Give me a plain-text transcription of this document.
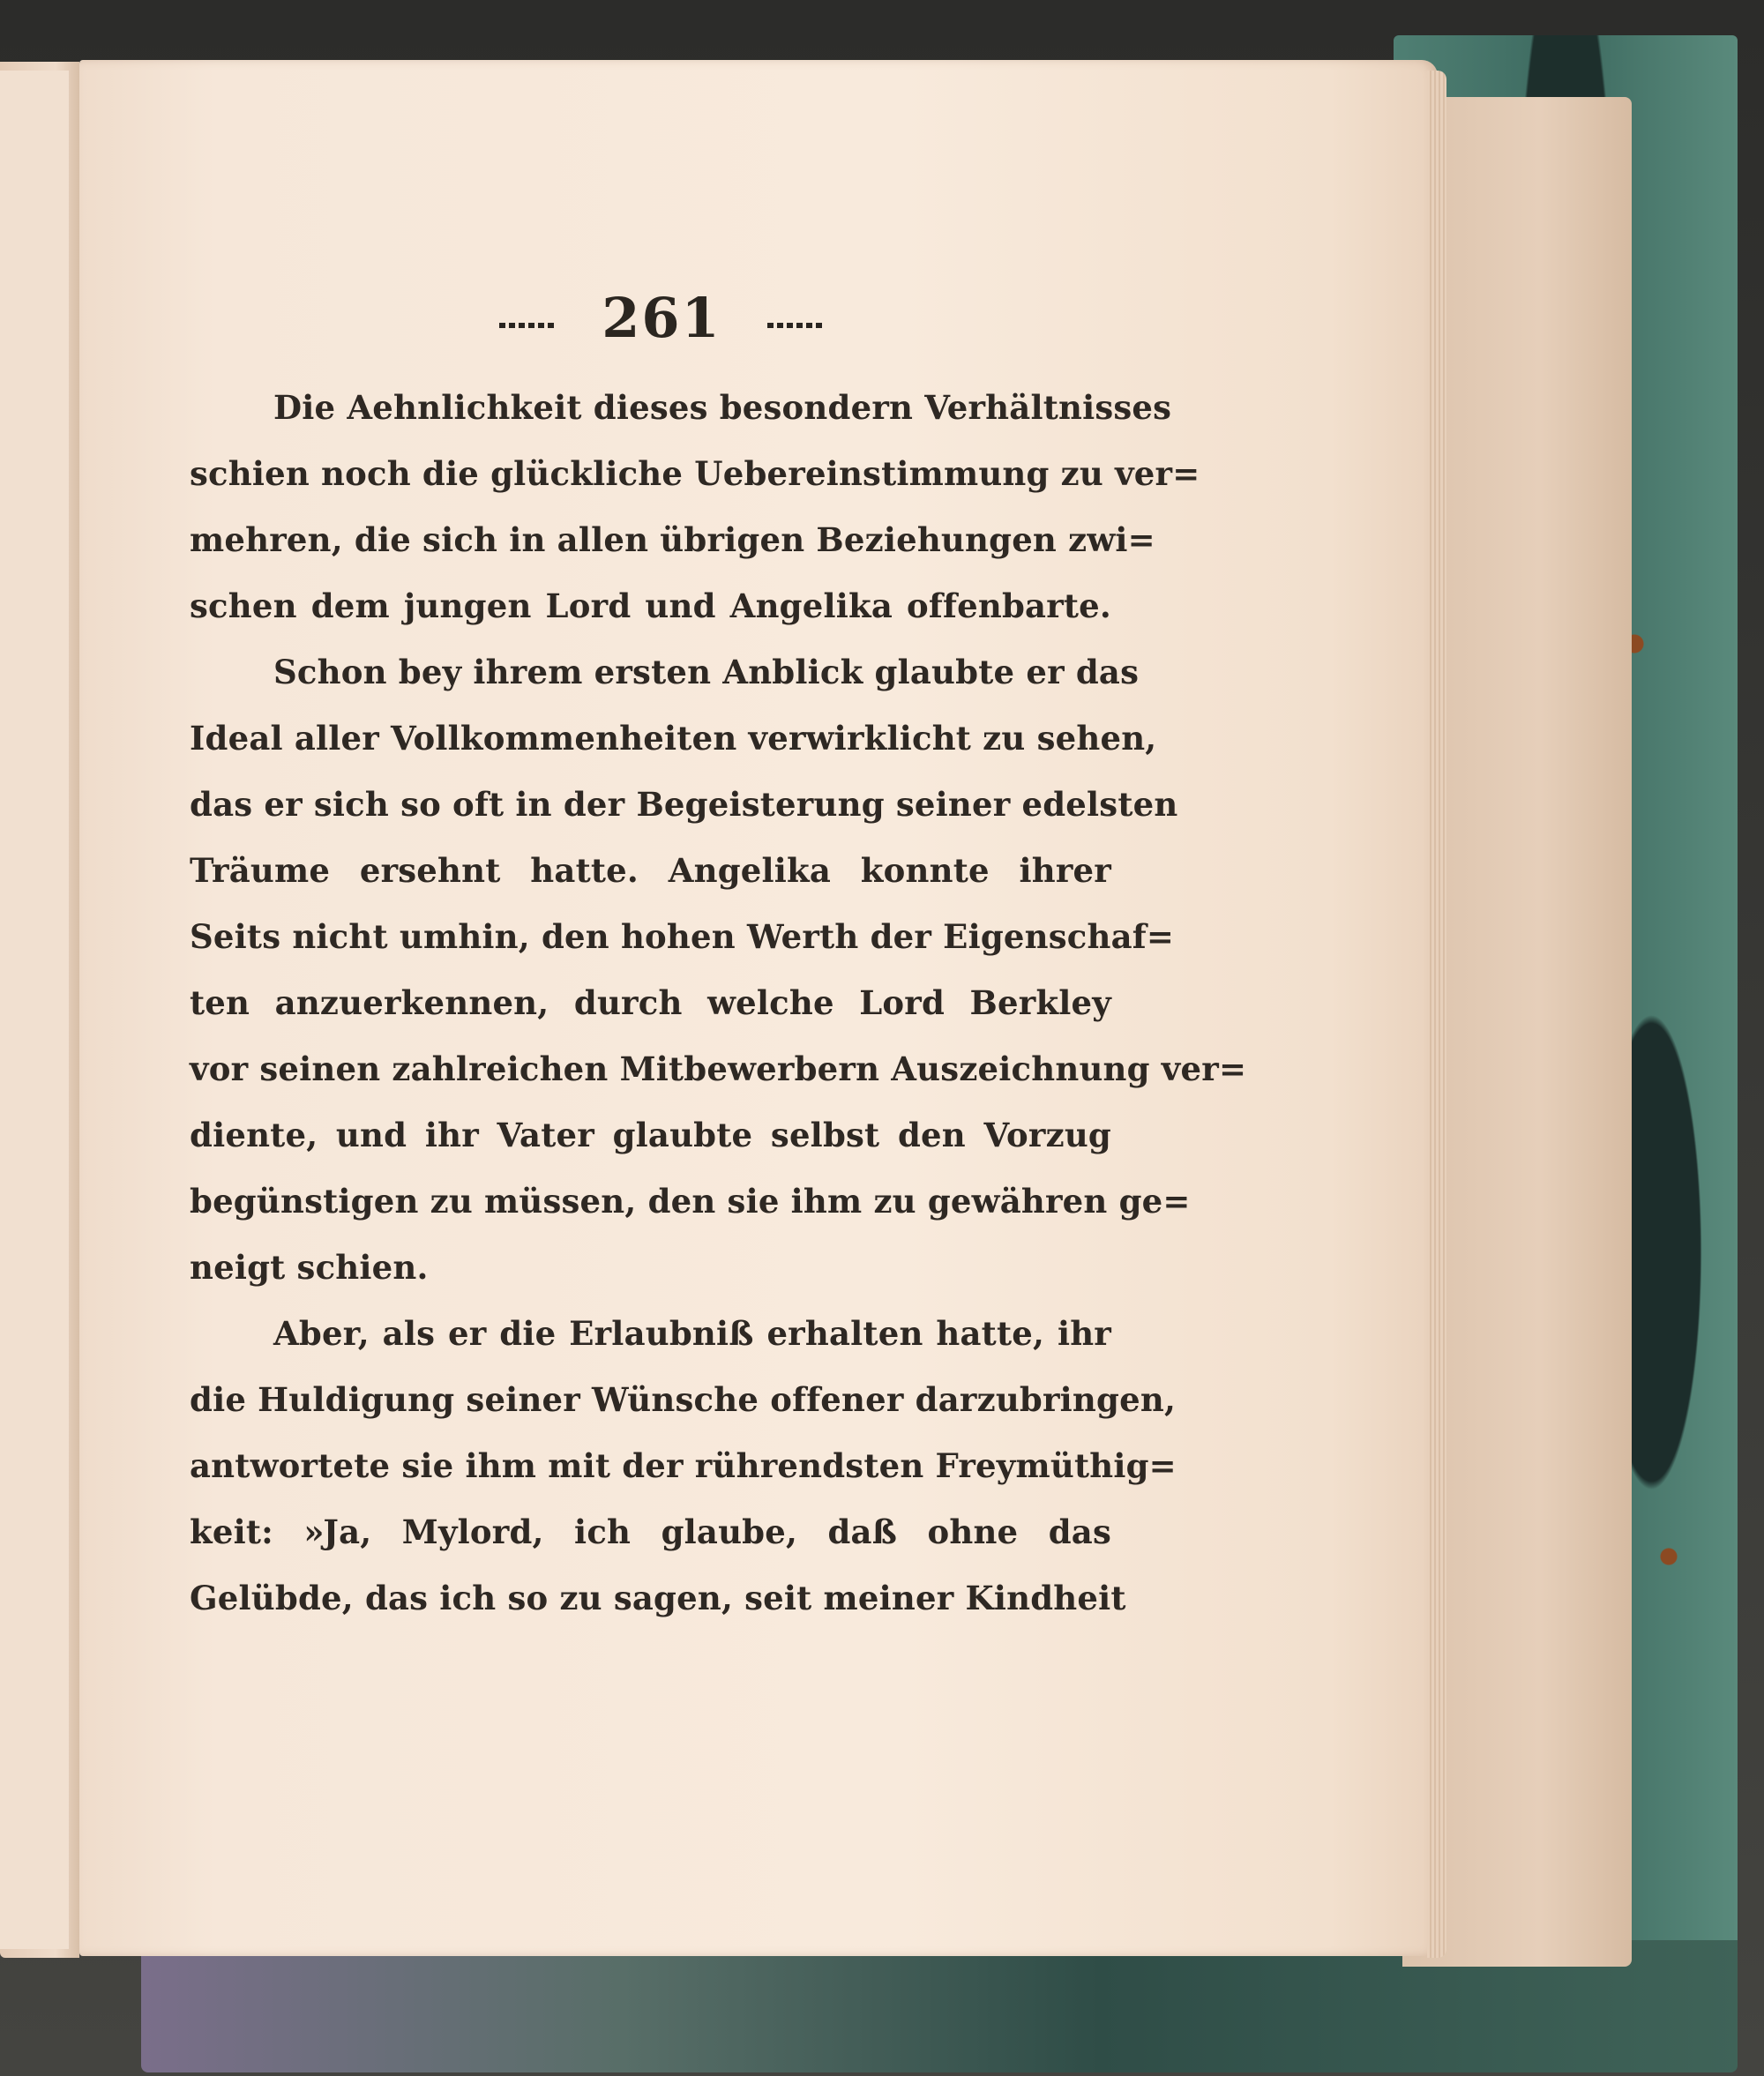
261
Die Aehnlichkeit dieses besondern Verhältnisses
schien noch die glückliche Uebereinstimmung zu ver=
mehren, die sich in allen übrigen Beziehungen zwi=
schen dem jungen Lord und Angelika offenbarte.
Schon bey ihrem ersten Anblick glaubte er das
Ideal aller Vollkommenheiten verwirklicht zu sehen,
das er sich so oft in der Begeisterung seiner edelsten
Träume ersehnt hatte. Angelika konnte ihrer
Seits nicht umhin, den hohen Werth der Eigenschaf=
ten anzuerkennen, durch welche Lord Berkley
vor seinen zahlreichen Mitbewerbern Auszeichnung ver=
diente, und ihr Vater glaubte selbst den Vorzug
begünstigen zu müssen, den sie ihm zu gewähren ge=
neigt schien.
Aber, als er die Erlaubniß erhalten hatte, ihr
die Huldigung seiner Wünsche offener darzubringen,
antwortete sie ihm mit der rührendsten Freymüthig=
keit: »Ja, Mylord, ich glaube, daß ohne das
Gelübde, das ich so zu sagen, seit meiner Kindheit
